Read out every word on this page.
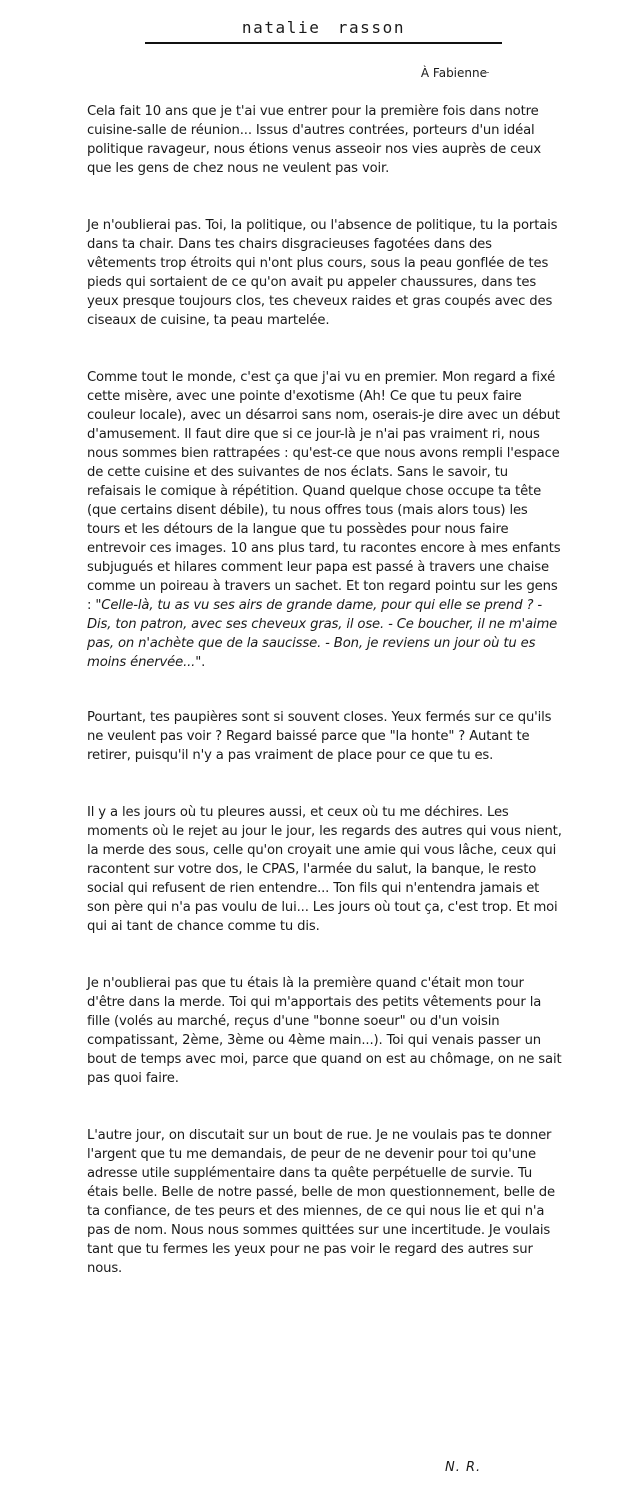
natalie rasson
À Fabienne

Cela fait 10 ans que je t'ai vue entrer pour la première fois dans notre cuisine-salle de réunion... Issus d'autres contrées, porteurs d'un idéal politique ravageur, nous étions venus asseoir nos vies auprès de ceux que les gens de chez nous ne veulent pas voir.

Je n'oublierai pas. Toi, la politique, ou l'absence de politique, tu la portais dans ta chair. Dans tes chairs disgracieuses fagotées dans des vêtements trop étroits qui n'ont plus cours, sous la peau gonflée de tes pieds qui sortaient de ce qu'on avait pu appeler chaussures, dans tes yeux presque toujours clos, tes cheveux raides et gras coupés avec des ciseaux de cuisine, ta peau martelée.

Comme tout le monde, c'est ça que j'ai vu en premier. Mon regard a fixé cette misère, avec une pointe d'exotisme (Ah! Ce que tu peux faire couleur locale), avec un désarroi sans nom, oserais-je dire avec un début d'amusement. Il faut dire que si ce jour-là je n'ai pas vraiment ri, nous nous sommes bien rattrapées : qu'est-ce que nous avons rempli l'espace de cette cuisine et des suivantes de nos éclats. Sans le savoir, tu refaisais le comique à répétition. Quand quelque chose occupe ta tête (que certains disent débile), tu nous offres tous (mais alors tous) les tours et les détours de la langue que tu possèdes pour nous faire entrevoir ces images. 10 ans plus tard, tu racontes encore à mes enfants subjugués et hilares comment leur papa est passé à travers une chaise comme un poireau à travers un sachet. Et ton regard pointu sur les gens : "Celle-là, tu as vu ses airs de grande dame, pour qui elle se prend ? - Dis, ton patron, avec ses cheveux gras, il ose. - Ce boucher, il ne m'aime pas, on n'achète que de la saucisse. - Bon, je reviens un jour où tu es moins énervée...".

Pourtant, tes paupières sont si souvent closes. Yeux fermés sur ce qu'ils ne veulent pas voir ? Regard baissé parce que "la honte" ? Autant te retirer, puisqu'il n'y a pas vraiment de place pour ce que tu es.

Il y a les jours où tu pleures aussi, et ceux où tu me déchires. Les moments où le rejet au jour le jour, les regards des autres qui vous nient, la merde des sous, celle qu'on croyait une amie qui vous lâche, ceux qui racontent sur votre dos, le CPAS, l'armée du salut, la banque, le resto social qui refusent de rien entendre... Ton fils qui n'entendra jamais et son père qui n'a pas voulu de lui... Les jours où tout ça, c'est trop. Et moi qui ai tant de chance comme tu dis.

Je n'oublierai pas que tu étais là la première quand c'était mon tour d'être dans la merde. Toi qui m'apportais des petits vêtements pour la fille (volés au marché, reçus d'une "bonne soeur" ou d'un voisin compatissant, 2ème, 3ème ou 4ème main...). Toi qui venais passer un bout de temps avec moi, parce que quand on est au chômage, on ne sait pas quoi faire.

L'autre jour, on discutait sur un bout de rue. Je ne voulais pas te donner l'argent que tu me demandais, de peur de ne devenir pour toi qu'une adresse utile supplémentaire dans ta quête perpétuelle de survie. Tu étais belle. Belle de notre passé, belle de mon questionnement, belle de ta confiance, de tes peurs et des miennes, de ce qui nous lie et qui n'a pas de nom. Nous nous sommes quittées sur une incertitude. Je voulais tant que tu fermes les yeux pour ne pas voir le regard des autres sur nous.

N. R.
